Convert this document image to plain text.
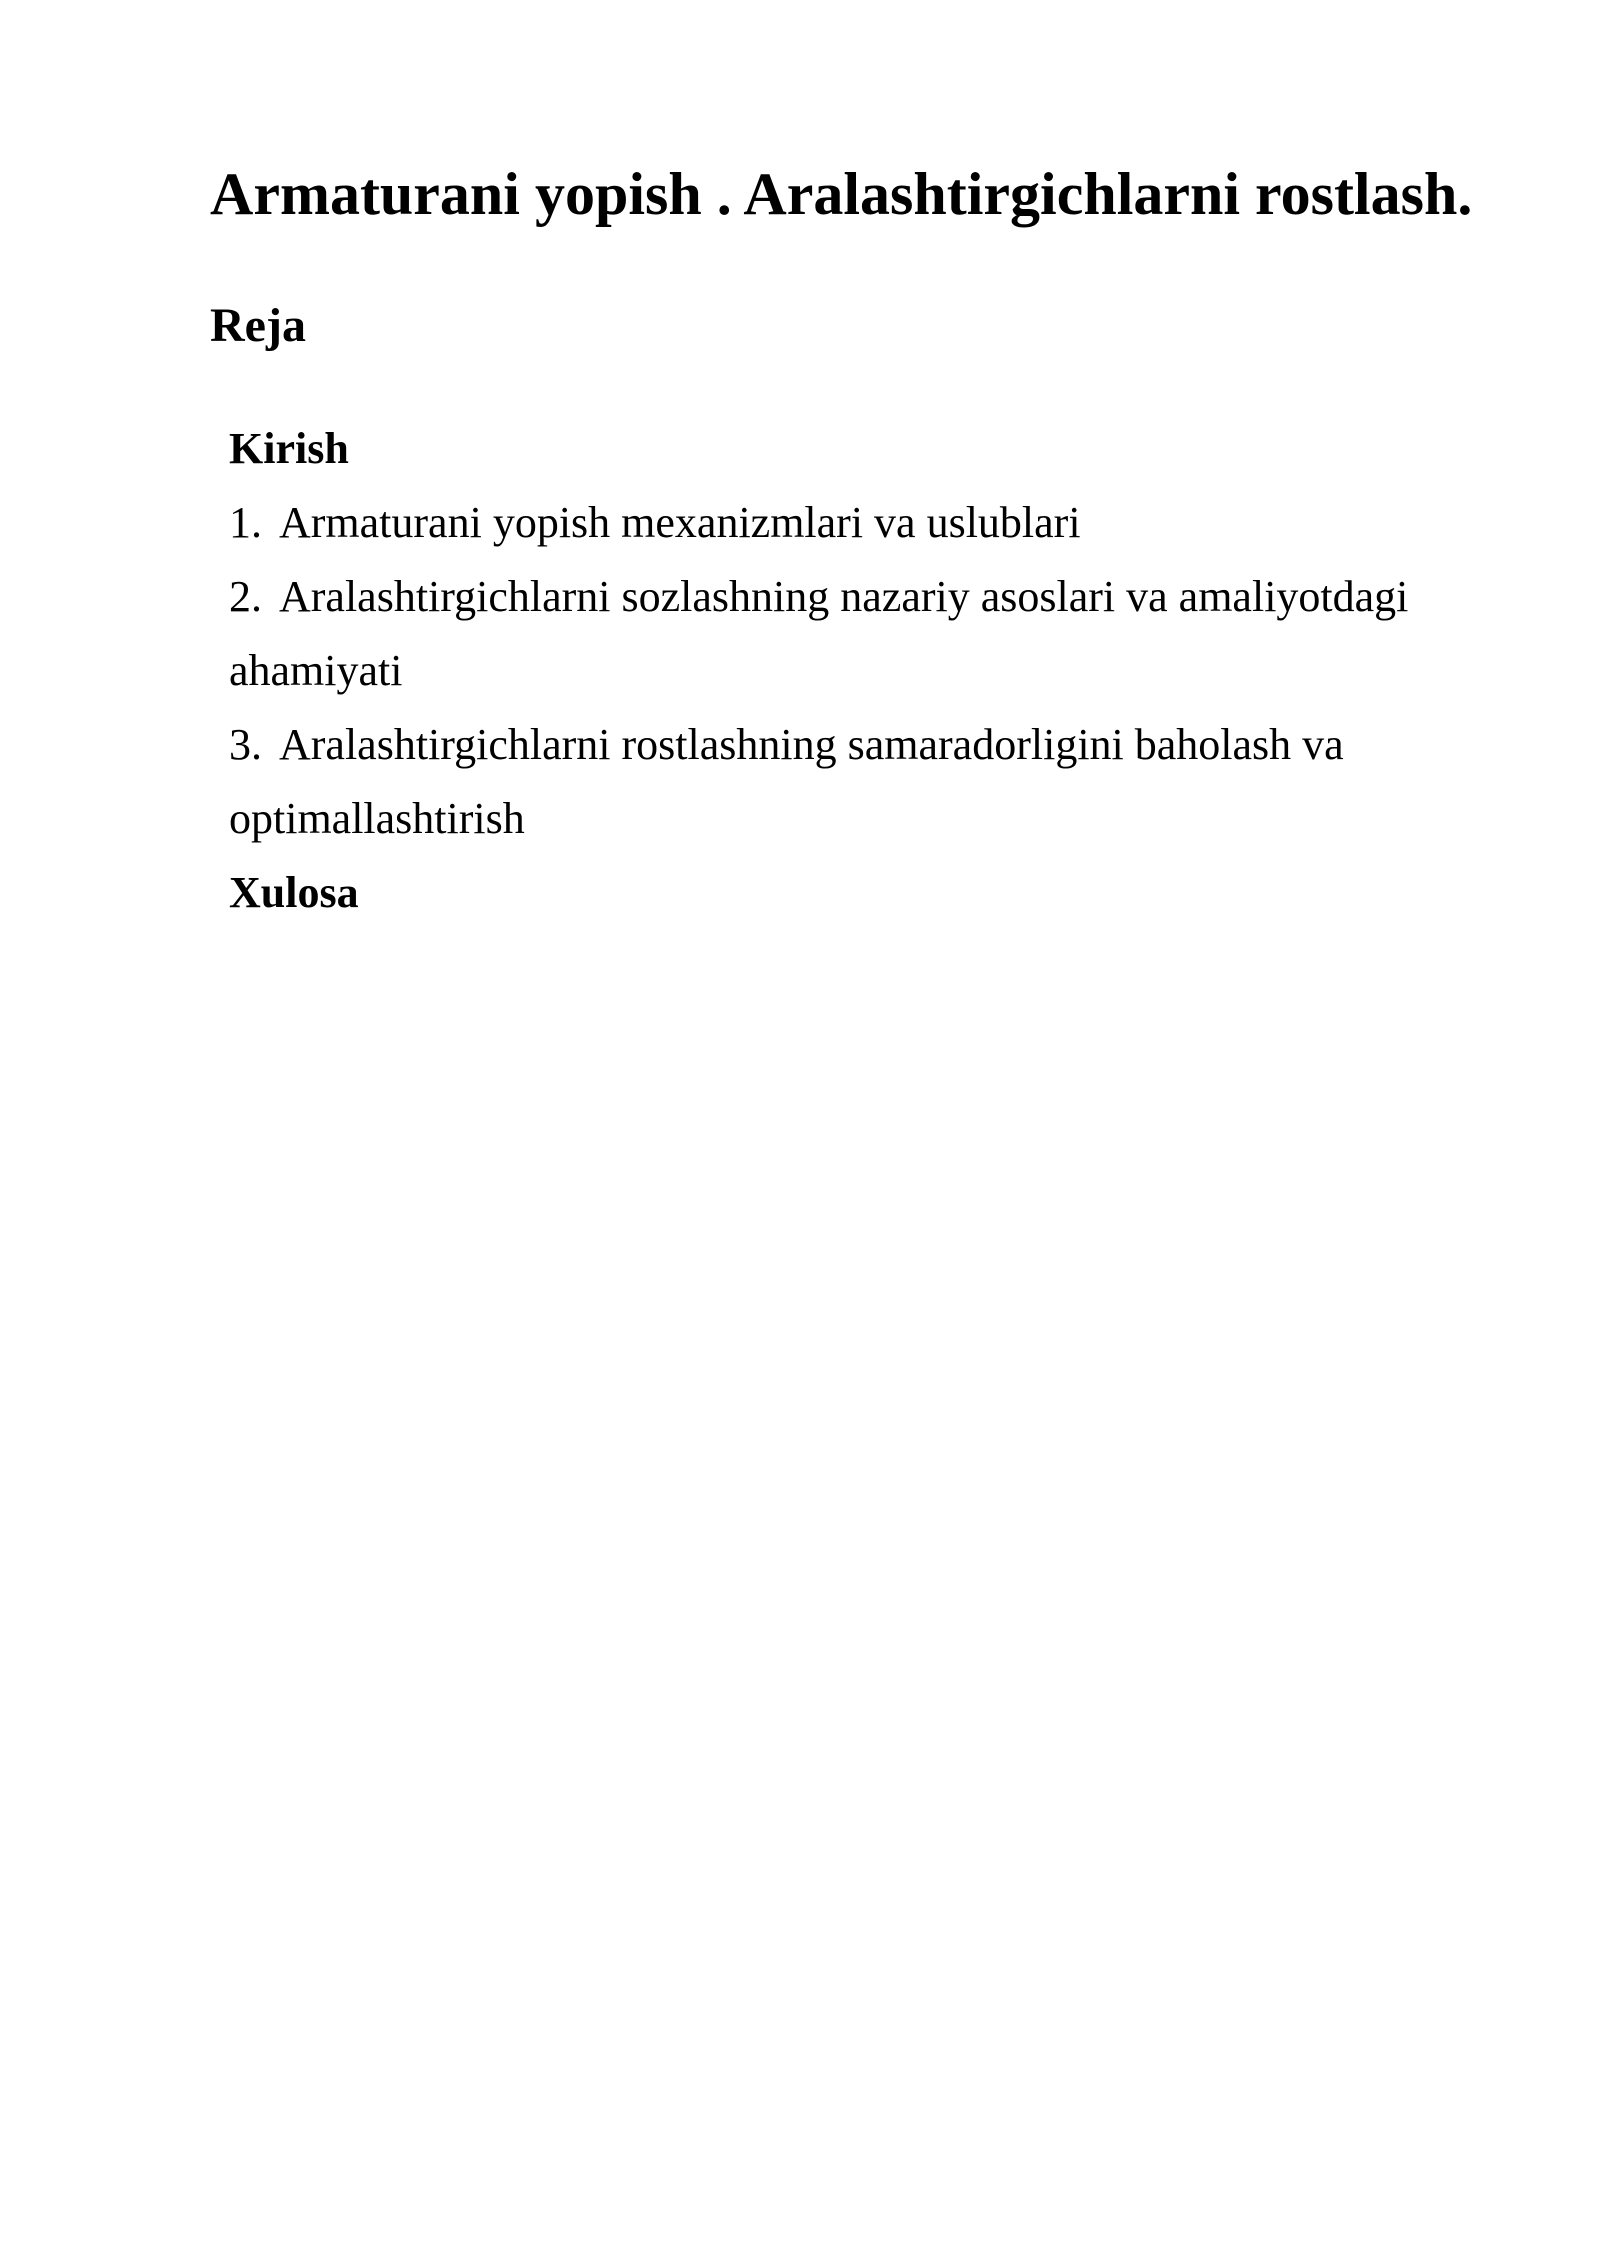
Armaturani yopish . Aralashtirgichlarni rostlash.
Reja
Kirish
1. Armaturani yopish mexanizmlari va uslublari
2. Aralashtirgichlarni sozlashning nazariy asoslari va amaliyotdagi ahamiyati
3. Aralashtirgichlarni rostlashning samaradorligini baholash va optimallashtirish
Xulosa
